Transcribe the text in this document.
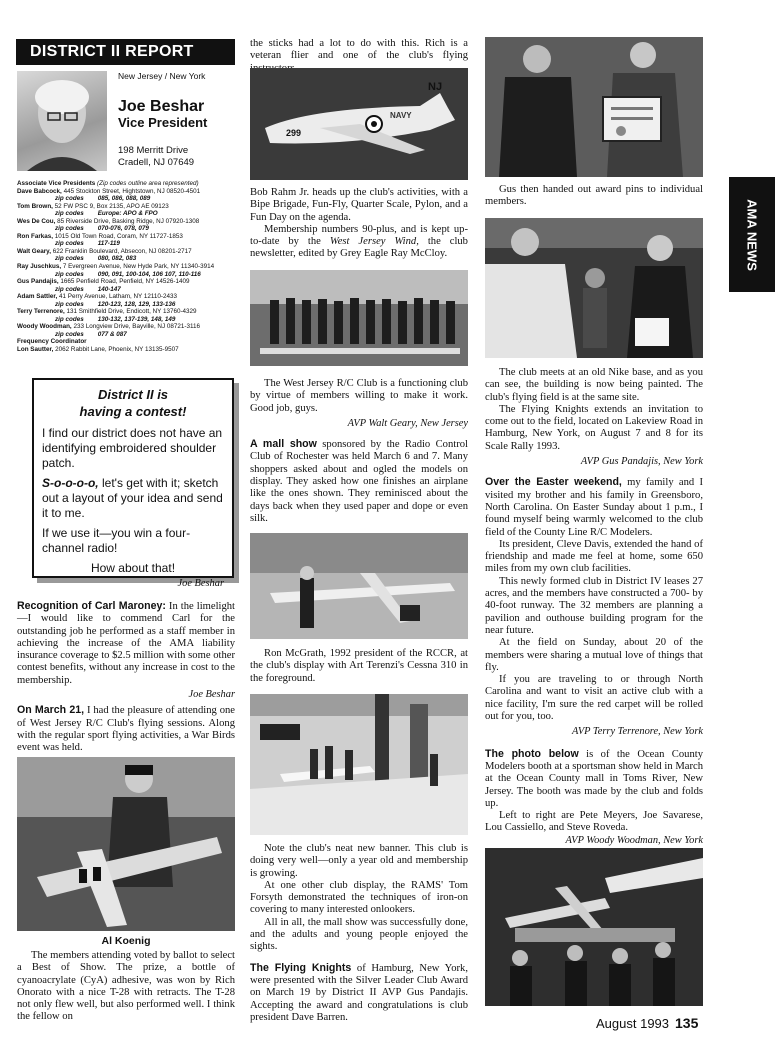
DISTRICT II REPORT
New Jersey / New York
Joe Beshar
Vice President
198 Merritt Drive
Cradell, NJ 07649
Associate Vice Presidents (Zip codes outline area represented)
Dave Babcock, 445 Stockton Street, Hightstown, NJ 08520-4501
zip codes 085, 086, 088, 089
Tom Brown, 52 FW PSC 9, Box 2135, APO AE 09123
zip codes Europe: APO & FPO
Wes De Cou, 85 Riverside Drive, Basking Ridge, NJ 07920-1308
zip codes 070-076, 078, 079
Ron Farkas, 1015 Old Town Road, Coram, NY 11727-1853
zip codes 117-119
Walt Geary, 622 Franklin Boulevard, Absecon, NJ 08201-2717
zip codes 080, 082, 083
Ray Juschkus, 7 Evergreen Avenue, New Hyde Park, NY 11340-3914
zip codes 090, 091, 100-104, 106 107, 110-116
Gus Pandajis, 1665 Penfield Road, Penfield, NY 14526-1409
zip codes 140-147
Adam Sattler, 41 Perry Avenue, Latham, NY 12110-2433
zip codes 120-123, 128, 129, 133-136
Terry Terrenore, 131 Smithfield Drive, Endicott, NY 13760-4329
zip codes 130-132, 137-139, 148, 149
Woody Woodman, 233 Longview Drive, Bayville, NJ 08721-3116
zip codes 077 & 087
Frequency Coordinator
Lon Sautter, 2062 Rabbit Lane, Phoenix, NY 13135-9507
District II is
having a contest!

I find our district does not have an identifying embroidered shoulder patch.

S-o-o-o-o, let's get with it; sketch out a layout of your idea and send it to me.

If we use it—you win a four-channel radio!

How about that!

Joe Beshar

Recognition of Carl Maroney: In the limelight—I would like to commend Carl for the outstanding job he performed as a staff member in achieving the increase of the AMA liability insurance coverage to $2.5 million with some other contest benefits, without any increase in cost to the membership.

Joe Beshar

On March 21, I had the pleasure of attending one of West Jersey R/C Club's flying sessions. Along with the regular sport flying activities, a War Birds event was held.

Al Koenig

The members attending voted by ballot to select a Best of Show. The prize, a bottle of cyanoacrylate (CyA) adhesive, was won by Rich Onorato with a nice T-28 with retracts. The T-28 not only flew well, but also performed well. I think the fellow on

the sticks had a lot to do with this. Rich is a veteran flier and one of the club's flying

NJ
NAVY
299

Bob Rahm Jr. heads up the club's activities, with a Bipe Brigade, Fun-Fly, Quarter Scale, Pylon, and a Fun Day on the agenda.

Membership numbers 90-plus, and is kept up-to-date by the West Jersey Wind, the club newsletter, edited by Grey Eagle Ray McCloy.

The West Jersey R/C Club is a functioning club by virtue of members willing to make it work. Good job, guys.

AVP Walt Geary, New Jersey

A mall show sponsored by the Radio Control Club of Rochester was held March 6 and 7. Many shoppers asked about and ogled the models on display. They asked how one finishes an airplane like the ones shown. They reminisced about the days back when they used paper and dope or even silk.

Ron McGrath, 1992 president of the RCCR, at the club's display with Art Terenzi's Cessna 310 in the foreground.

Note the club's neat new banner. This club is doing very well—only a year old and membership is growing.

At one other club display, the RAMS' Tom Forsyth demonstrated the techniques of iron-on covering to many interested onlookers.

All in all, the mall show was successfully done, and the adults and young people enjoyed the sights.

The Flying Knights of Hamburg, New York, were presented with the Silver Leader Club Award on March 19 by District II AVP Gus Pandajis. Accepting the award and congratulations is club president Dave Barren.

Gus then handed out award pins to individual members.

The club meets at an old Nike base, and as you can see, the building is now being painted. The club's flying field is at the same site.

The Flying Knights extends an invitation to come out to the field, located on Lakeview Road in Hamburg, New York, on August 7 and 8 for its Scale Rally 1993.

AVP Gus Pandajis, New York

Over the Easter weekend, my family and I visited my brother and his family in Greensboro, North Carolina. On Easter Sunday about 1 p.m., I found myself being warmly welcomed to the club field of the County Line R/C Modelers.

Its president, Cleve Davis, extended the hand of friendship and made me feel at home, some 650 miles from my own club facilities.

This newly formed club in District IV leases 27 acres, and the members have constructed a 700- by 40-foot runway. The 32 members are planning a pavilion and outhouse building program for the near future.

At the field on Sunday, about 20 of the members were sharing a mutual love of things that fly.

If you are traveling to or through North Carolina and want to visit an active club with a nice facility, I'm sure the red carpet will be rolled out for you, too.

AVP Terry Terrenore, New York

The photo below is of the Ocean County Modelers booth at a sportsman show held in March at the Ocean County mall in Toms River, New Jersey. The booth was made by the club and folds up.

Left to right are Pete Meyers, Joe Savarese, Lou Cassiello, and Steve Roveda.

AVP Woody Woodman, New York
AMA NEWS
August 1993 135
